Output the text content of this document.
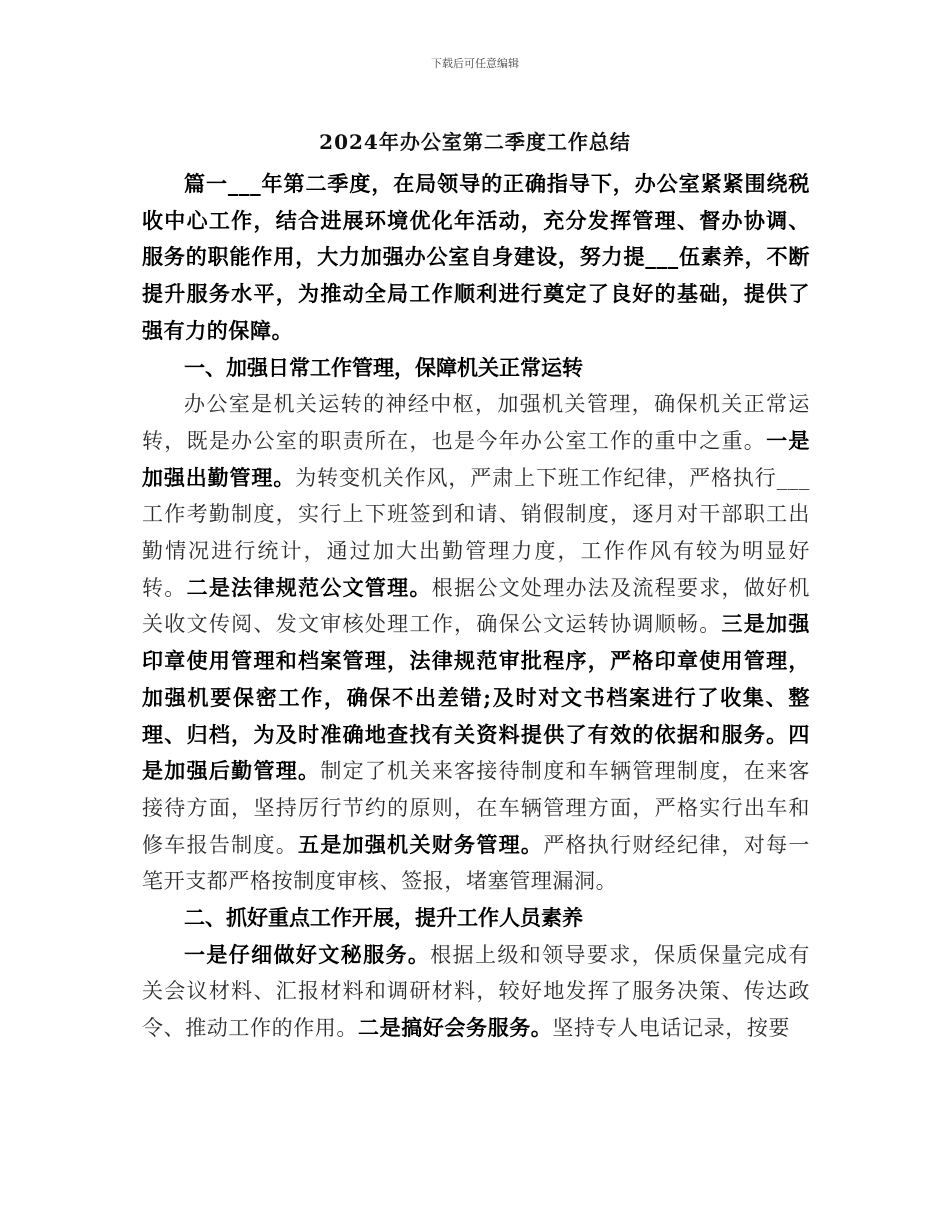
下载后可任意编辑
2024年办公室第二季度工作总结

篇一___年第二季度，在局领导的正确指导下，办公室紧紧围绕税收中心工作，结合进展环境优化年活动，充分发挥管理、督办协调、服务的职能作用，大力加强办公室自身建设，努力提___伍素养，不断提升服务水平，为推动全局工作顺利进行奠定了良好的基础，提供了强有力的保障。

一、加强日常工作管理，保障机关正常运转

办公室是机关运转的神经中枢，加强机关管理，确保机关正常运转，既是办公室的职责所在，也是今年办公室工作的重中之重。一是加强出勤管理。为转变机关作风，严肃上下班工作纪律，严格执行___工作考勤制度，实行上下班签到和请、销假制度，逐月对干部职工出勤情况进行统计，通过加大出勤管理力度，工作作风有较为明显好转。二是法律规范公文管理。根据公文处理办法及流程要求，做好机关收文传阅、发文审核处理工作，确保公文运转协调顺畅。三是加强印章使用管理和档案管理，法律规范审批程序，严格印章使用管理，加强机要保密工作，确保不出差错;及时对文书档案进行了收集、整理、归档，为及时准确地查找有关资料提供了有效的依据和服务。四是加强后勤管理。制定了机关来客接待制度和车辆管理制度，在来客接待方面，坚持厉行节约的原则，在车辆管理方面，严格实行出车和修车报告制度。五是加强机关财务管理。严格执行财经纪律，对每一笔开支都严格按制度审核、签报，堵塞管理漏洞。

二、抓好重点工作开展，提升工作人员素养

一是仔细做好文秘服务。根据上级和领导要求，保质保量完成有关会议材料、汇报材料和调研材料，较好地发挥了服务决策、传达政令、推动工作的作用。二是搞好会务服务。坚持专人电话记录，按要
